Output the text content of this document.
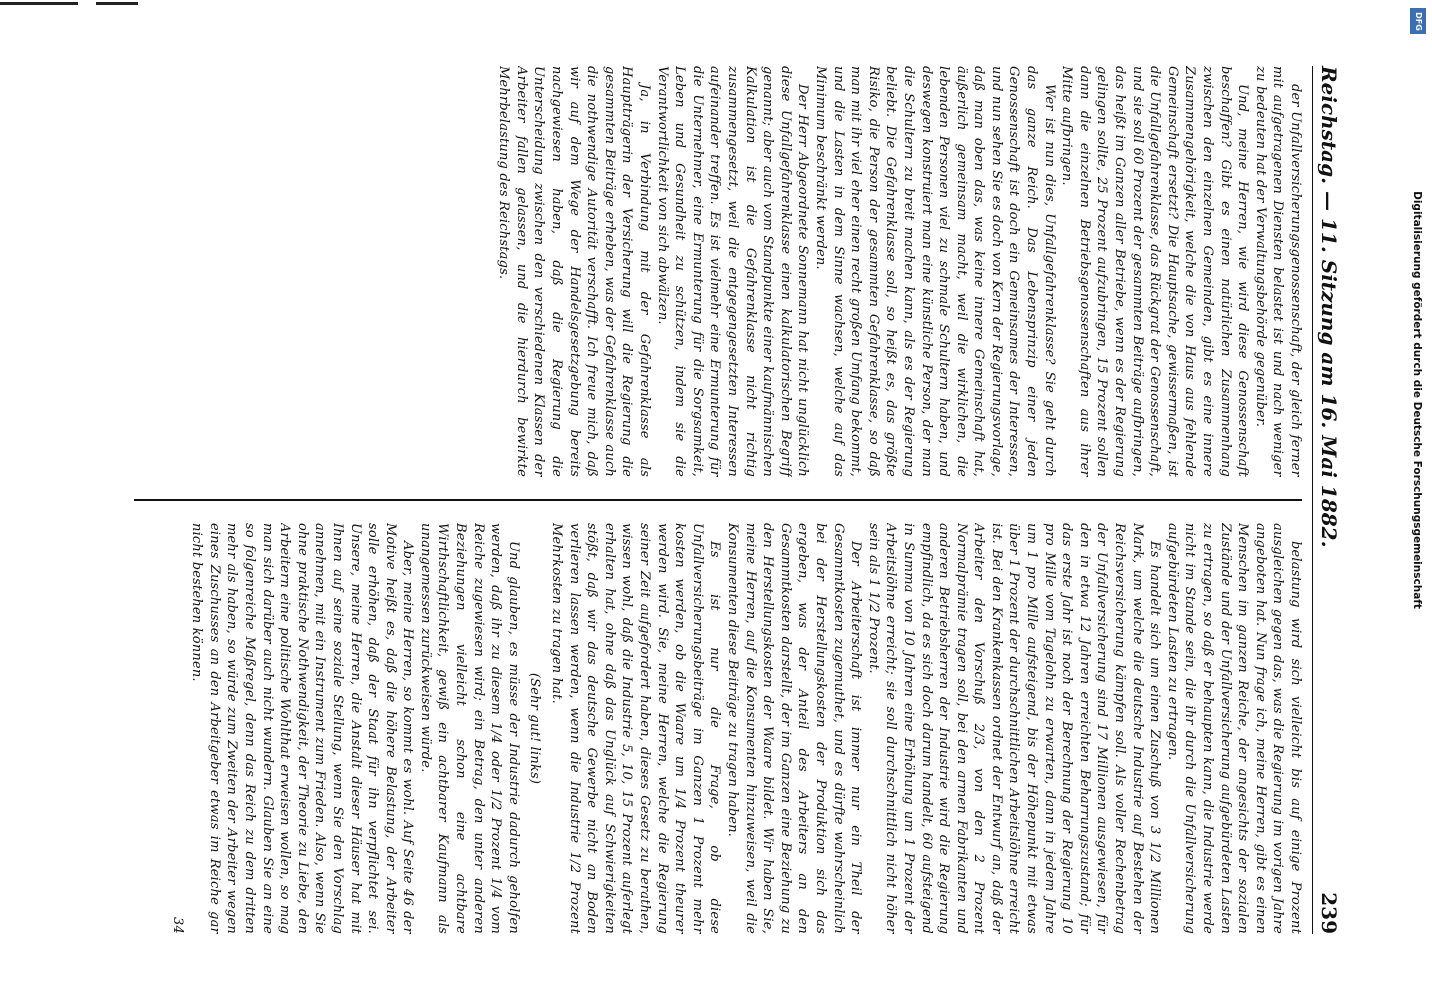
Reichstag. — 11. Sitzung am 16. Mai 1882.
239

der Unfallversicherungsgenossenschaft, der gleich ferner mit aufgetragenen Diensten belastet ist und nach weniger zu bedeuten hat der Verwaltungsbehörde gegenüber.

Und, meine Herren, wie wird diese Genossenschaft beschaffen? Gibt es einen natürlichen Zusammenhang zwischen den einzelnen Gemeinden, gibt es eine innere Zusammengehörigkeit, welche die von Haus aus fehlende Gemeinschaft ersetzt? Die Hauptsache, gewissermaßen, ist die Unfallgefahrenklasse, das Rückgrat der Genossenschaft, und sie soll 60 Prozent der gesammten Beiträge aufbringen, das heißt im Ganzen aller Betriebe, wenn es der Regierung gelingen sollte, 25 Prozent aufzubringen, 15 Prozent sollen dann die einzelnen Betriebsgenossenschaften aus ihrer Mitte aufbringen.

Wer ist nun dies, Unfallgefahrenklasse? Sie geht durch das ganze Reich. Das Lebensprinzip einer jeden Genossenschaft ist doch ein Gemeinsames der Interessen, und nun sehen Sie es doch von Kern der Regierungsvorlage, daß man oben das, was keine innere Gemeinschaft hat, äußerlich gemeinsam macht, weil die wirklichen, die lebenden Personen viel zu schmale Schultern haben, und deswegen konstruiert man eine künstliche Person, der man die Schultern zu breit machen kann, als es der Regierung beliebt. Die Gefahrenklasse soll, so heißt es, das größte Risiko, die Person der gesammten Gefahrenklasse, so daß man mit ihr viel eher einen recht großen Umfang bekommt, und die Lasten in dem Sinne wachsen, welche auf das Minimum beschränkt werden.

Der Herr Abgeordnete Sonnemann hat nicht unglücklich diese Unfallgefahrenklasse einen kalkulatorischen Begriff genannt; aber auch vom Standpunkte einer kaufmännischen Kalkulation ist die Gefahrenklasse nicht richtig zusammengesetzt, weil die entgegengesetzten Interessen aufeinander treffen. Es ist vielmehr eine Ermunterung für die Unternehmer, eine Ermunterung für die Sorgsamkeit, Leben und Gesundheit zu schützen, indem sie die Verantwortlichkeit von sich abwälzen.

Ja, in Verbindung mit der Gefahrenklasse als Hauptträgerin der Versicherung will die Regierung die gesammten Beiträge erheben, was der Gefahrenklasse auch die nothwendige Autorität verschafft. Ich freue mich, daß wir auf dem Wege der Handelsgesetzgebung bereits nachgewiesen haben, daß die Regierung die Unterscheidung zwischen den verschiedenen Klassen der Arbeiter fallen gelassen, und die hierdurch bewirkte Mehrbelastung des Reichstags.

belastung wird sich vielleicht bis auf einige Prozent ausgleichen gegen das, was die Regierung im vorigen Jahre angeboten hat. Nun frage ich, meine Herren, gibt es einen Menschen im ganzen Reiche, der angesichts der sozialen Zustände und der Unfallversicherung aufgebürdeten Lasten zu ertragen, so daß er behaupten kann, die Industrie werde nicht im Stande sein, die ihr durch die Unfallversicherung aufgebürdeten Lasten zu ertragen.

Es handelt sich um einen Zuschuß von 3 1/2 Millionen Mark, um welche die deutsche Industrie auf Bestehen der Reichsversicherung kämpfen soll. Als voller Rechenbetrag der Unfallversicherung sind 17 Millionen ausgewiesen, für den in etwa 12 Jahren erreichten Beharrungszustand; für das erste Jahr ist noch der Berechnung der Regierung 10 pro Mille vom Tagelohn zu erwarten, dann in jedem Jahre um 1 pro Mille aufsteigend, bis der Höhepunkt mit etwas über 1 Prozent der durchschnittlichen Arbeitslöhne erreicht ist. Bei den Krankenkassen ordnet der Entwurf an, daß der Arbeiter den Vorschuß 2/3, von den 2 Prozent Normalprämie tragen soll, bei den armen Fabrikanten und anderen Betriebsherren der Industrie wird die Regierung empfindlich, da es sich doch darum handelt, 60 aufsteigend in Summa von 10 Jahren eine Erhöhung um 1 Prozent der Arbeitslöhne erreicht; sie soll durchschnittlich nicht höher sein als 1 1/2 Prozent.

Der Arbeiterschaft ist immer nur ein Theil der Gesammtkosten zugemuthet, und es dürfte wahrscheinlich bei der Herstellungskosten der Produktion sich das ergeben, was der Anteil des Arbeiters an den Gesammtkosten darstellt, der im Ganzen eine Beziehung zu den Herstellungskosten der Waare bildet. Wir haben Sie, meine Herren, auf die Konsumenten hinzuweisen, weil die Konsumenten diese Beiträge zu tragen haben.

Es ist nur die Frage, ob diese Unfallversicherungsbeiträge im Ganzen 1 Prozent mehr kosten werden, ob die Waare um 1/4 Prozent theurer werden wird. Sie, meine Herren, welche die Regierung seiner Zeit aufgefordert haben, dieses Gesetz zu berathen, wissen wohl, daß die Industrie 5, 10, 15 Prozent auferlegt erhalten hat, ohne daß das Unglück auf Schwierigkeiten stößt, daß wir das deutsche Gewerbe nicht an Boden verlieren lassen werden, wenn die Industrie 1/2 Prozent Mehrkosten zu tragen hat.

(Sehr gut! links)

Und glauben, es müsse der Industrie dadurch geholfen werden, daß ihr zu diesem 1/4 oder 1/2 Prozent 1/4 vom Reiche zugewiesen wird; ein Betrag, den unter anderen Beziehungen vielleicht schon eine achtbare Wirthschaftlichkeit, gewiß ein achtbarer Kaufmann als unangemessen zurückweisen würde.

Aber, meine Herren, so kommt es wohl. Auf Seite 46 der Motive heißt es, daß die höhere Belastung, der Arbeiter solle erhöhen, daß der Staat für ihn verpflichtet sei. Unsere, meine Herren, die Anstalt dieser Häuser hat mit Ihnen auf seine soziale Stellung, wenn Sie den Vorschlag annehmen, mit ein Instrument zum Frieden. Also, wenn Sie ohne praktische Nothwendigkeit, der Theorie zu Liebe, den Arbeitern eine politische Wohlthat erweisen wollen, so mag man sich darüber auch nicht wundern. Glauben Sie an eine so folgenreiche Maßregel, denn das Reich zu dem dritten mehr als haben, so würde zum Zweiten der Arbeiter wegen eines Zuschusses an den Arbeitgeber etwas im Reiche gar nicht bestehen können.

34
DFG
Digitalisierung gefördert durch die Deutsche Forschungsgemeinschaft
